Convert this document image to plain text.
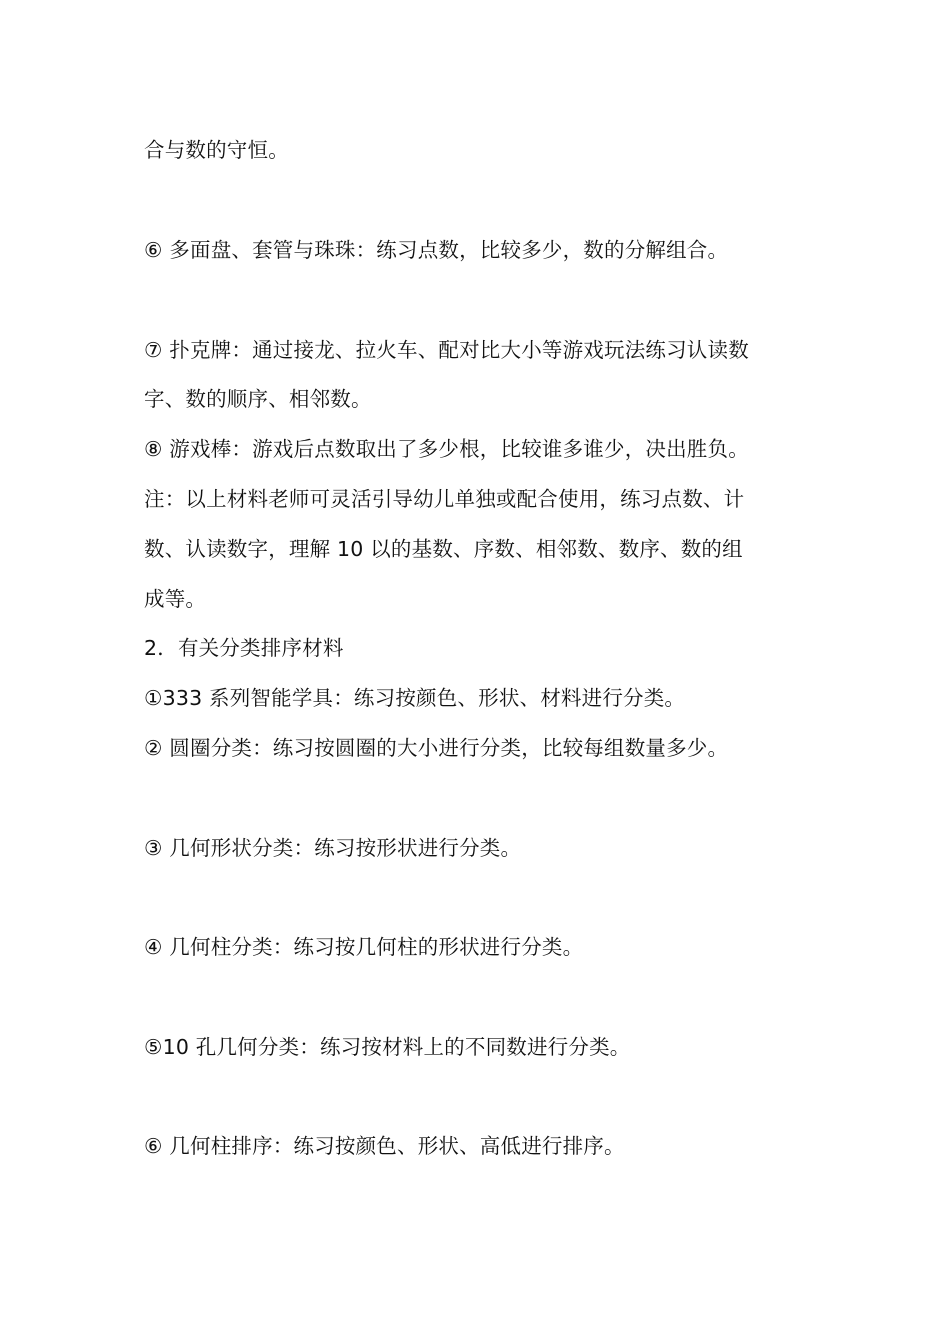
合与数的守恒。
⑥ 多面盘、套管与珠珠：练习点数，比较多少，数的分解组合。
⑦ 扑克牌：通过接龙、拉火车、配对比大小等游戏玩法练习认读数
字、数的顺序、相邻数。
⑧ 游戏棒：游戏后点数取出了多少根，比较谁多谁少，决出胜负。
注：以上材料老师可灵活引导幼儿单独或配合使用，练习点数、计
数、认读数字，理解 10 以的基数、序数、相邻数、数序、数的组
成等。
2．有关分类排序材料
①333 系列智能学具：练习按颜色、形状、材料进行分类。
② 圆圈分类：练习按圆圈的大小进行分类，比较每组数量多少。
③ 几何形状分类：练习按形状进行分类。
④ 几何柱分类：练习按几何柱的形状进行分类。
⑤10 孔几何分类：练习按材料上的不同数进行分类。
⑥ 几何柱排序：练习按颜色、形状、高低进行排序。
